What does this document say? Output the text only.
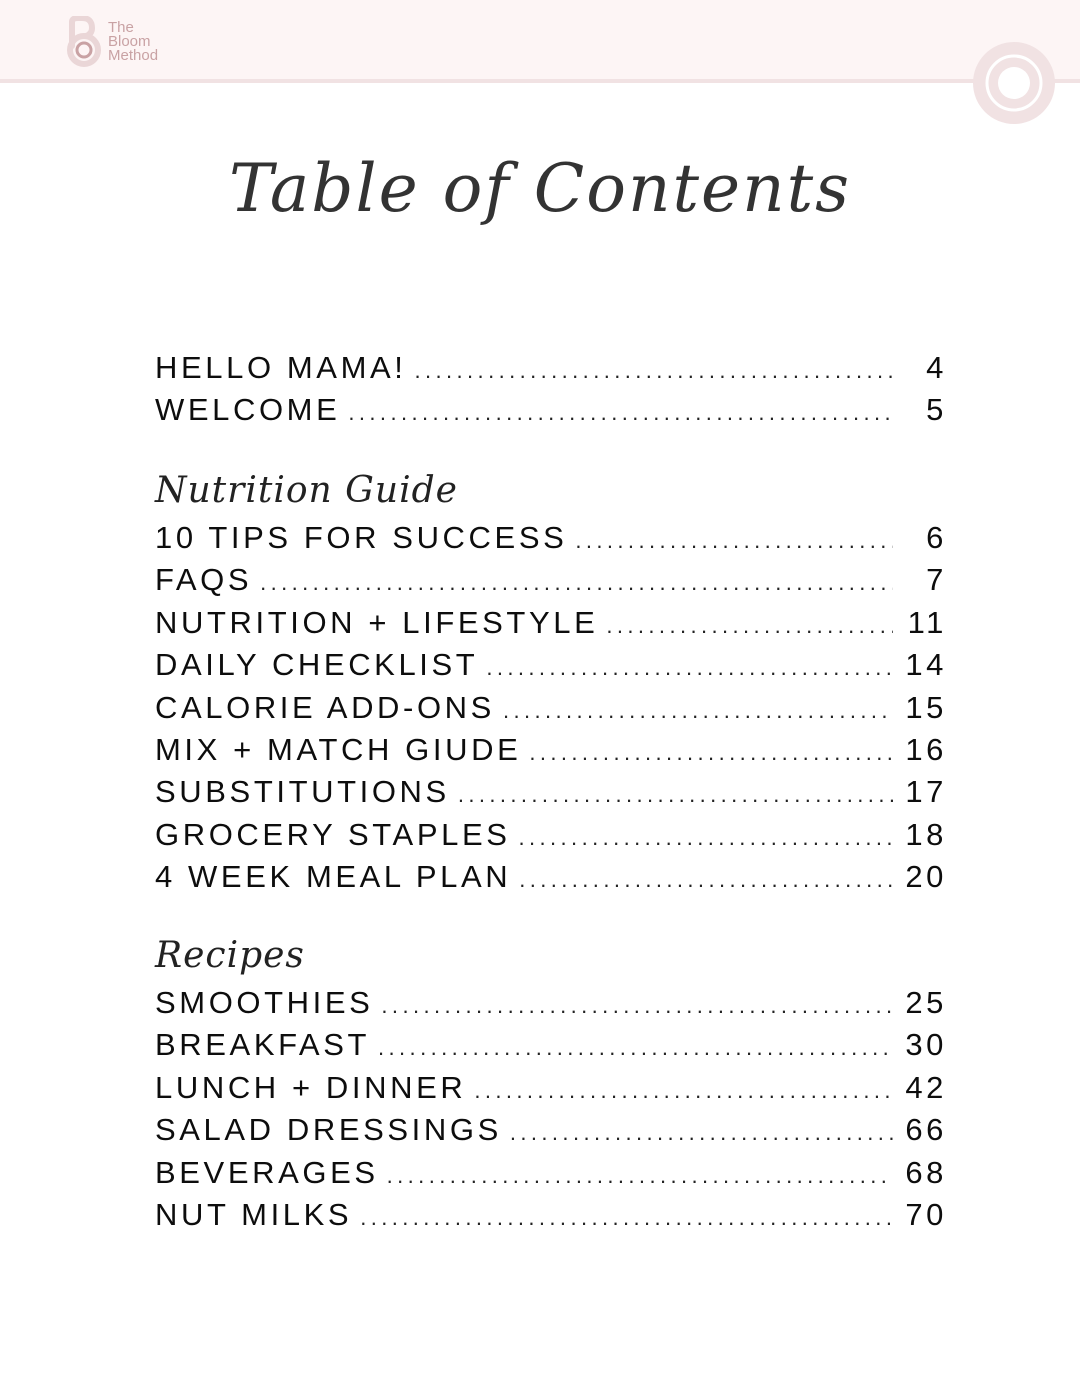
The
Bloom
Method
Table of Contents
HELLO MAMA! .....	4
WELCOME .....	5
Nutrition Guide
10 TIPS FOR SUCCESS .....	6
FAQS .....	7
NUTRITION + LIFESTYLE .....	11
DAILY CHECKLIST .....	14
CALORIE ADD-ONS .....	15
MIX + MATCH GIUDE .....	16
SUBSTITUTIONS .....	17
GROCERY STAPLES .....	18
4 WEEK MEAL PLAN .....	20
Recipes
SMOOTHIES .....	25
BREAKFAST .....	30
LUNCH + DINNER .....	42
SALAD DRESSINGS .....	66
BEVERAGES .....	68
NUT MILKS .....	70
